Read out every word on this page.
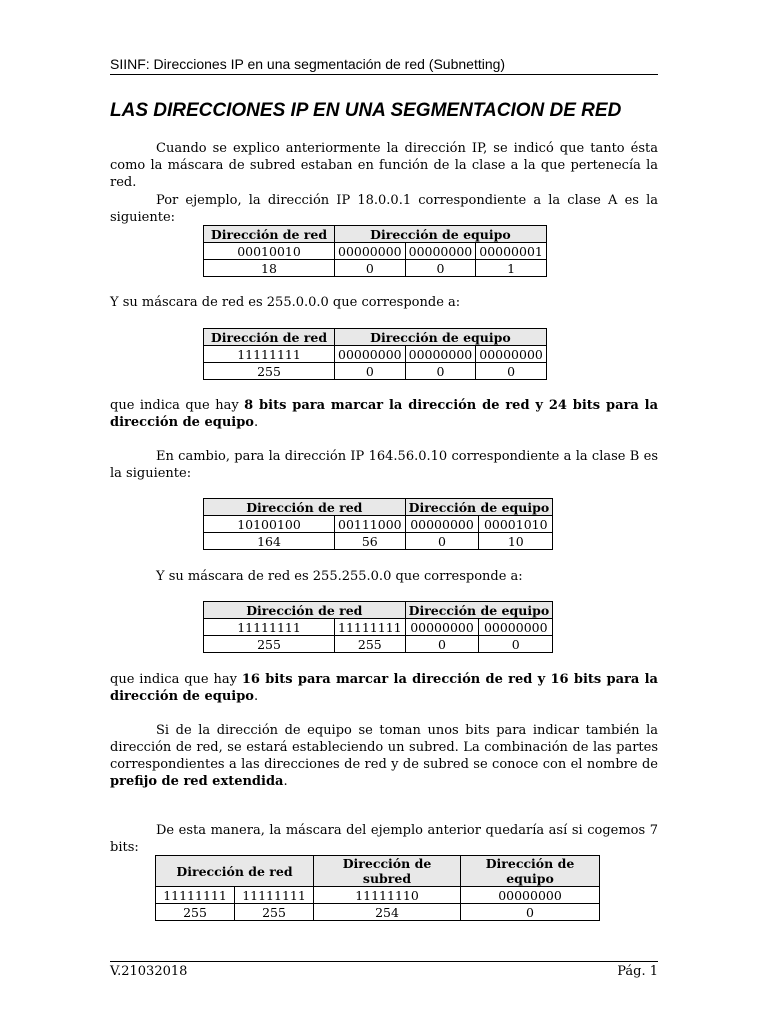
SIINF: Direcciones IP en una segmentación de red (Subnetting)
LAS DIRECCIONES IP EN UNA SEGMENTACION DE RED
Cuando se explico anteriormente la dirección IP, se indicó que tanto ésta como la máscara de subred estaban en función de la clase a la que pertenecía la red.
Por ejemplo, la dirección IP 18.0.0.1 correspondiente a la clase A es la siguiente:
Dirección de red	Dirección de equipo		
00010010	00000000	00000000	00000001
18	0	0	1
Y su máscara de red es 255.0.0.0 que corresponde a:
Dirección de red	Dirección de equipo		
11111111	00000000	00000000	00000000
255	0	0	0
que indica que hay 8 bits para marcar la dirección de red y 24 bits para la dirección de equipo.
En cambio, para la dirección IP 164.56.0.10 correspondiente a la clase B es la siguiente:
Dirección de red		Dirección de equipo	
10100100	00111000	00000000	00001010
164	56	0	10
Y su máscara de red es 255.255.0.0 que corresponde a:
Dirección de red		Dirección de equipo	
11111111	11111111	00000000	00000000
255	255	0	0
que indica que hay 16 bits para marcar la dirección de red y 16 bits para la dirección de equipo.
Si de la dirección de equipo se toman unos bits para indicar también la dirección de red, se estará estableciendo un subred. La combinación de las partes correspondientes a las direcciones de red y de subred se conoce con el nombre de prefijo de red extendida.
De esta manera, la máscara del ejemplo anterior quedaría así si cogemos 7 bits:
Dirección de red		Dirección de subred	Dirección de equipo
11111111	11111111	11111110	00000000
255	255	254	0
V.21032018	Pág. 1
